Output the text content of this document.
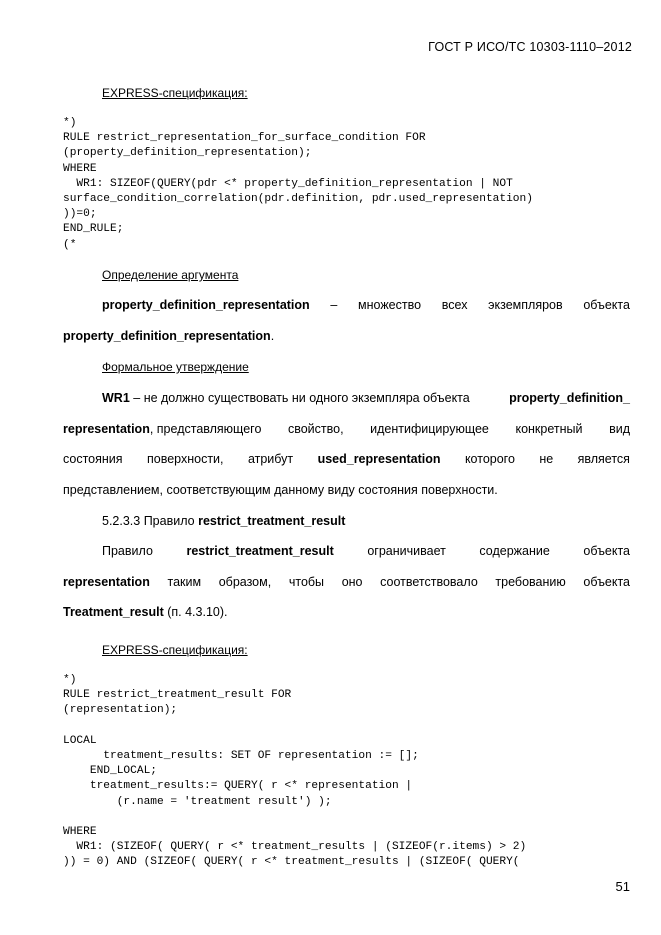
ГОСТ Р ИСО/ТС 10303-1110–2012
EXPRESS-спецификация:
*)
RULE restrict_representation_for_surface_condition FOR
(property_definition_representation);
WHERE
WR1: SIZEOF(QUERY(pdr <* property_definition_representation | NOT
surface_condition_correlation(pdr.definition, pdr.used_representation)
))=0;
END_RULE;
(*
Определение аргумента
property_definition_representation – множество всех экземпляров объекта
property_definition_representation.
Формальное утверждение
WR1 – не должно существовать ни одного экземпляра объекта	property_definition_
representation, представляющего свойство, идентифицирующее конкретный вид
состояния поверхности, атрибут used_representation которого не является
представлением, соответствующим данному виду состояния поверхности.
5.2.3.3 Правило restrict_treatment_result
Правило	restrict_treatment_result	ограничивает	содержание	объекта
representation таким образом, чтобы оно соответствовало требованию объекта
Treatment_result (п. 4.3.10).
EXPRESS-спецификация:
*)
RULE restrict_treatment_result FOR
(representation);

LOCAL
treatment_results: SET OF representation := [];
END_LOCAL;
treatment_results:= QUERY( r <* representation |
(r.name = 'treatment result') );

WHERE
WR1: (SIZEOF( QUERY( r <* treatment_results | (SIZEOF(r.items) > 2)
)) = 0) AND (SIZEOF( QUERY( r <* treatment_results | (SIZEOF( QUERY(
51
